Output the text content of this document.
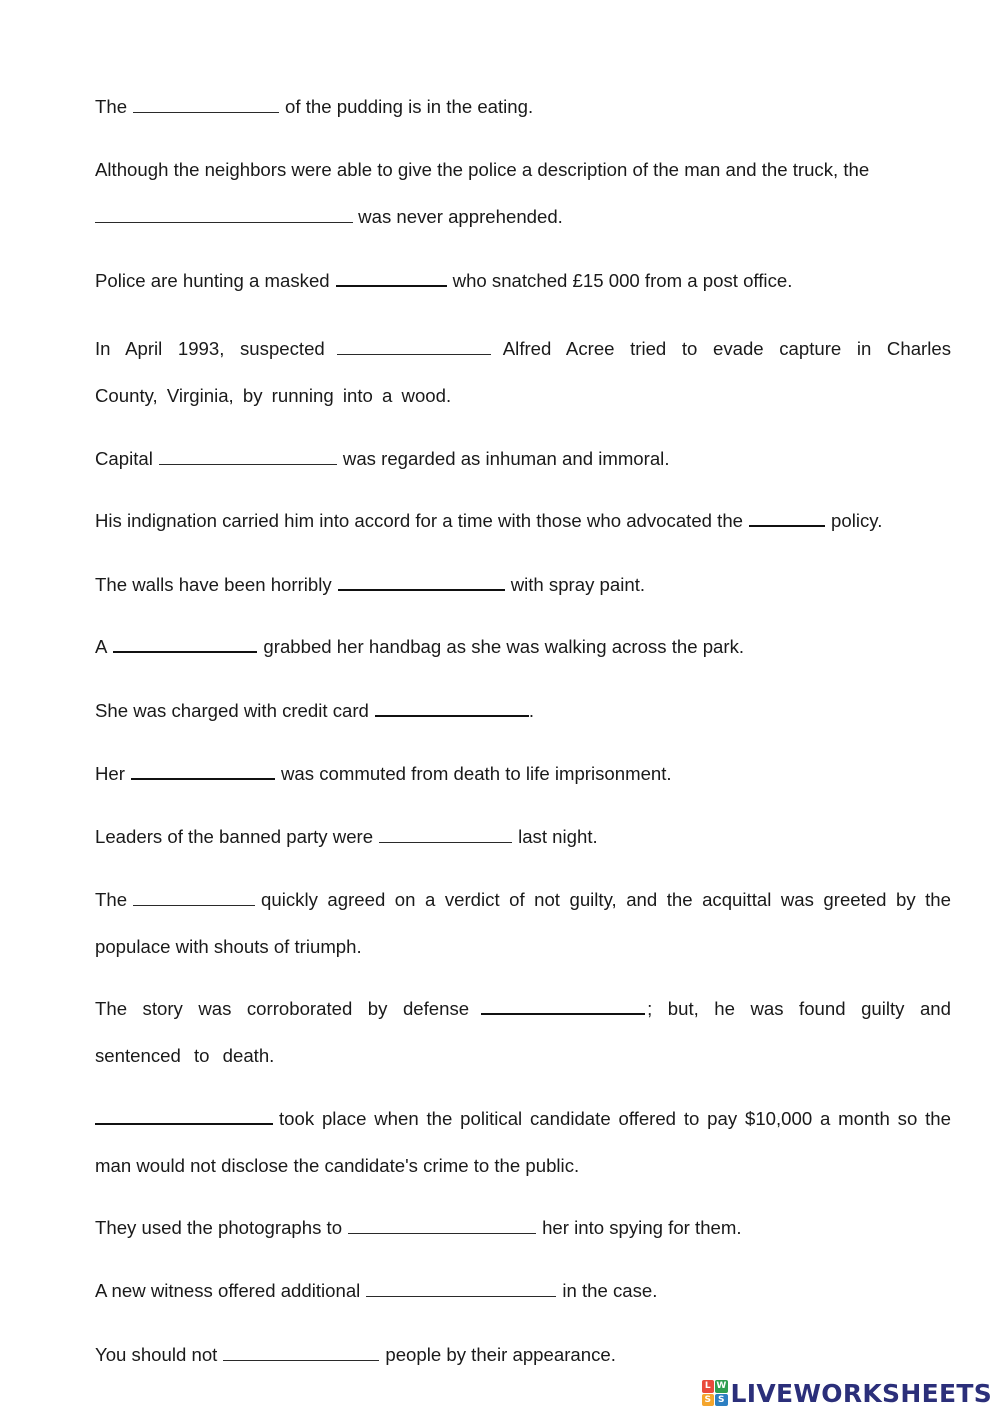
The	of the pudding is in the eating.

Although the neighbors were able to give the police a description of the man and the truck, the
was never apprehended.

Police are hunting a masked	who snatched £15 000 from a post office.

In April 1993, suspected	Alfred Acree tried to evade capture in Charles County, Virginia, by running into a wood.

Capital	was regarded as inhuman and immoral.

His indignation carried him into accord for a time with those who advocated the	policy.

The walls have been horribly	with spray paint.

A	grabbed her handbag as she was walking across the park.

She was charged with credit card	.

Her	was commuted from death to life imprisonment.

Leaders of the banned party were	last night.

The	quickly agreed on a verdict of not guilty, and the acquittal was greeted by the populace with shouts of triumph.

The story was corroborated by defense	; but, he was found guilty and sentenced to death.

took place when the political candidate offered to pay $10,000 a month so the man would not disclose the candidate's crime to the public.

They used the photographs to	her into spying for them.

A new witness offered additional	in the case.

You should not	people by their appearance.

L W
S S LIVEWORKSHEETS
